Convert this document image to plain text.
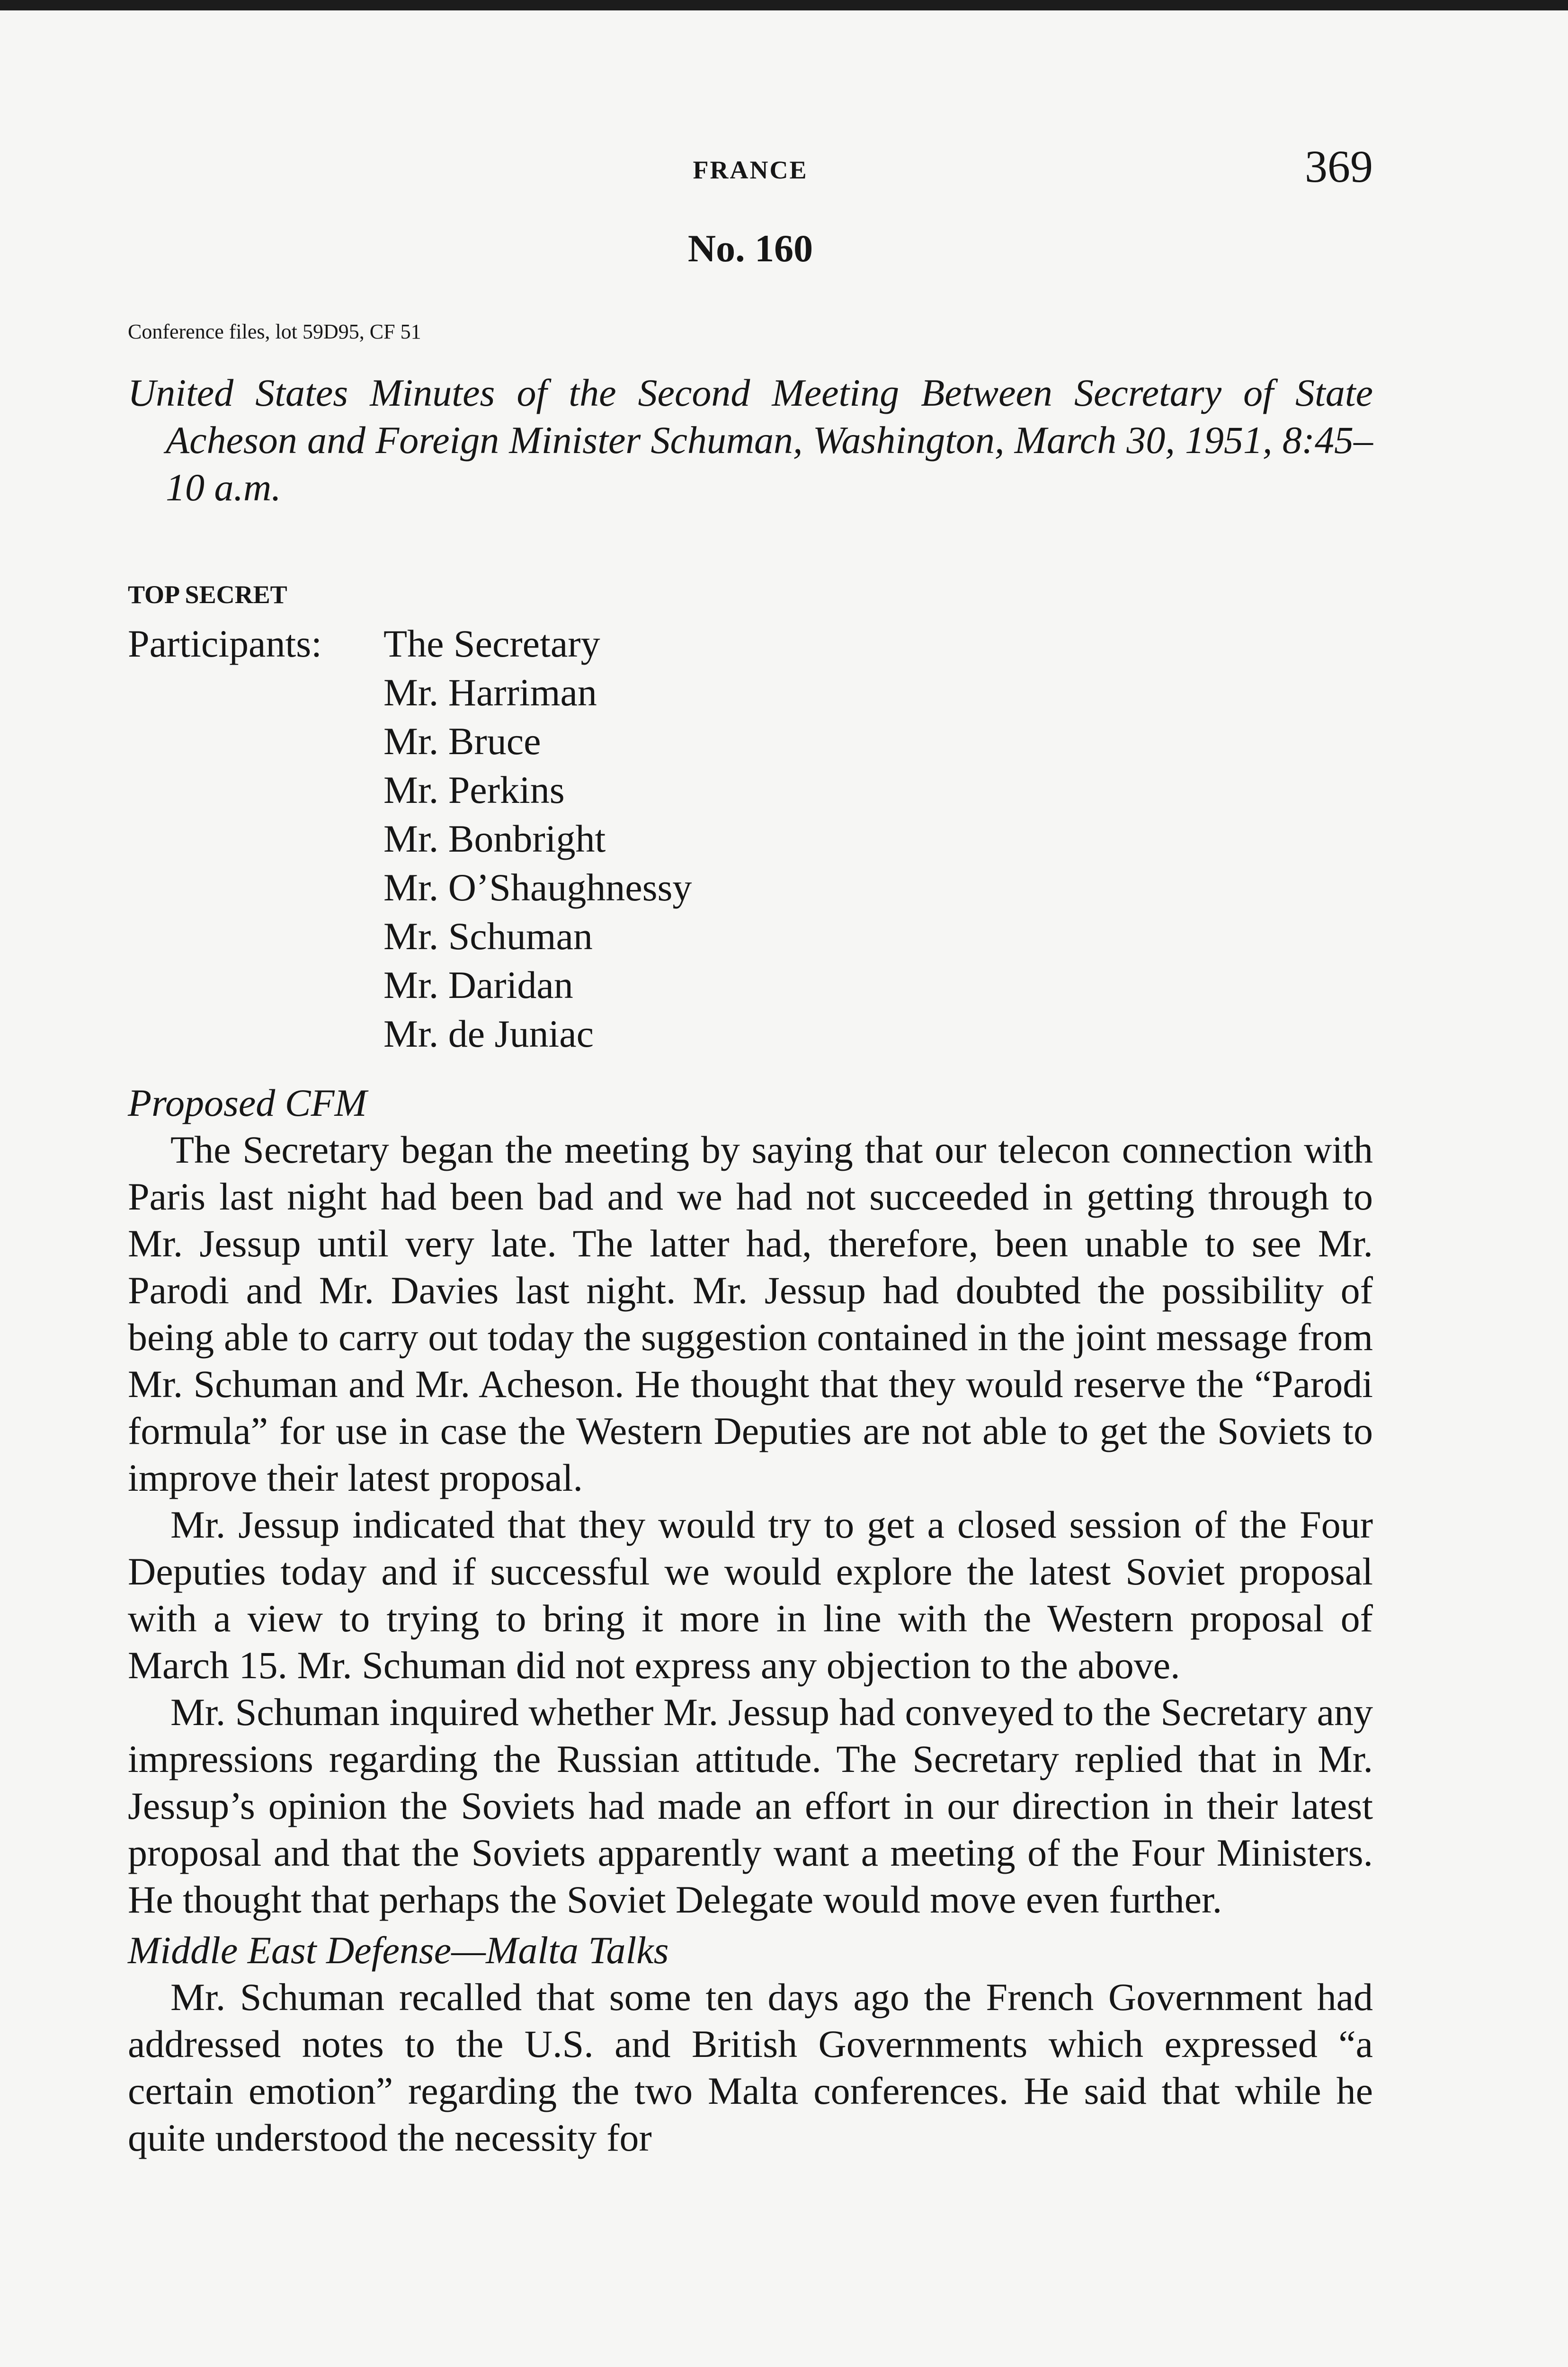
FRANCE	369
No. 160
Conference files, lot 59D95, CF 51
United States Minutes of the Second Meeting Between Secretary of State Acheson and Foreign Minister Schuman, Washington, March 30, 1951, 8:45–10 a.m.
TOP SECRET
Participants: The Secretary
Mr. Harriman
Mr. Bruce
Mr. Perkins
Mr. Bonbright
Mr. O’Shaughnessy
Mr. Schuman
Mr. Daridan
Mr. de Juniac

Proposed CFM

The Secretary began the meeting by saying that our telecon connection with Paris last night had been bad and we had not succeeded in getting through to Mr. Jessup until very late. The latter had, therefore, been unable to see Mr. Parodi and Mr. Davies last night. Mr. Jessup had doubted the possibility of being able to carry out today the suggestion contained in the joint message from Mr. Schuman and Mr. Acheson. He thought that they would reserve the “Parodi formula” for use in case the Western Deputies are not able to get the Soviets to improve their latest proposal.

Mr. Jessup indicated that they would try to get a closed session of the Four Deputies today and if successful we would explore the latest Soviet proposal with a view to trying to bring it more in line with the Western proposal of March 15. Mr. Schuman did not express any objection to the above.

Mr. Schuman inquired whether Mr. Jessup had conveyed to the Secretary any impressions regarding the Russian attitude. The Secretary replied that in Mr. Jessup’s opinion the Soviets had made an effort in our direction in their latest proposal and that the Soviets apparently want a meeting of the Four Ministers. He thought that perhaps the Soviet Delegate would move even further.

Middle East Defense—Malta Talks

Mr. Schuman recalled that some ten days ago the French Government had addressed notes to the U.S. and British Governments which expressed “a certain emotion” regarding the two Malta conferences. He said that while he quite understood the necessity for
